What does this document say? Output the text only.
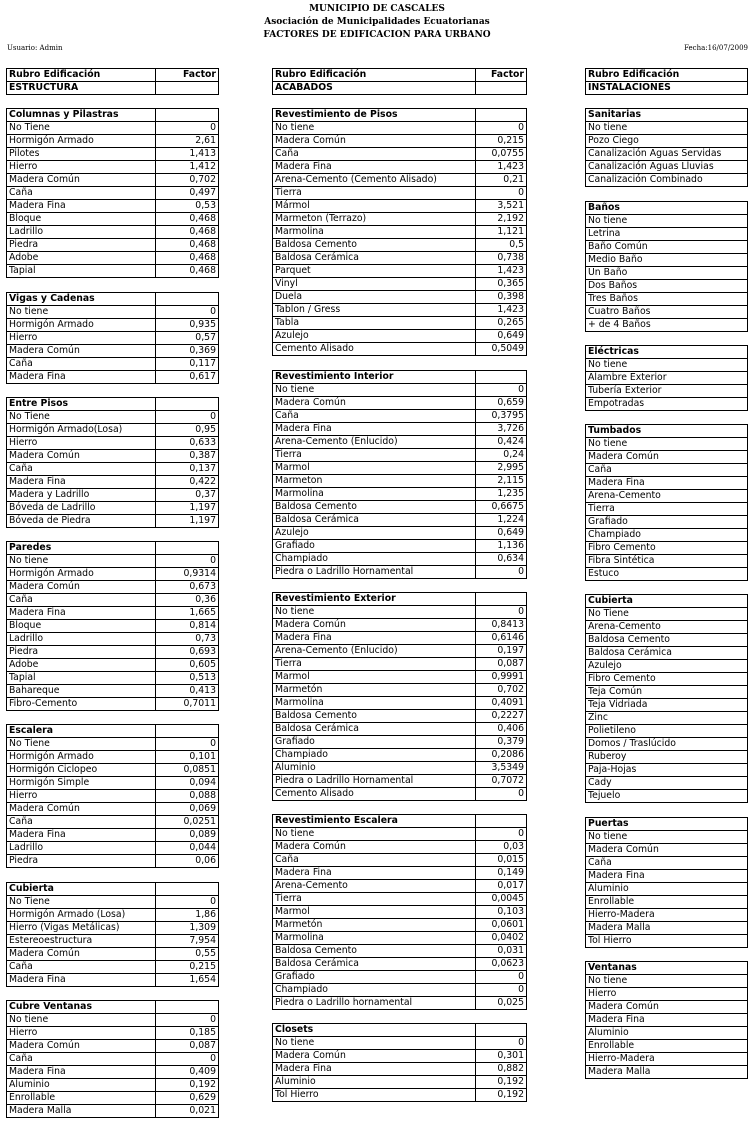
MUNICIPIO DE CASCALES
Asociación de Municipalidades Ecuatorianas
FACTORES DE EDIFICACION PARA URBANO
Usuario: Admin	Fecha:16/07/2009
Rubro Edificación	Factor
ESTRUCTURA	
Columnas y Pilastras	
No Tiene	0
Hormigón Armado	2,61
Pilotes	1,413
Hierro	1,412
Madera Común	0,702
Caña	0,497
Madera Fina	0,53
Bloque	0,468
Ladrillo	0,468
Piedra	0,468
Adobe	0,468
Tapial	0,468
Vigas y Cadenas	
No tiene	0
Hormigón Armado	0,935
Hierro	0,57
Madera Común	0,369
Caña	0,117
Madera Fina	0,617
Entre Pisos	
No Tiene	0
Hormigón Armado(Losa)	0,95
Hierro	0,633
Madera Común	0,387
Caña	0,137
Madera Fina	0,422
Madera y Ladrillo	0,37
Bóveda de Ladrillo	1,197
Bóveda de Piedra	1,197
Paredes	
No tiene	0
Hormigón Armado	0,9314
Madera Común	0,673
Caña	0,36
Madera Fina	1,665
Bloque	0,814
Ladrillo	0,73
Piedra	0,693
Adobe	0,605
Tapial	0,513
Bahareque	0,413
Fibro-Cemento	0,7011
Escalera	
No Tiene	0
Hormigón Armado	0,101
Hormigón Ciclopeo	0,0851
Hormigón Simple	0,094
Hierro	0,088
Madera Común	0,069
Caña	0,0251
Madera Fina	0,089
Ladrillo	0,044
Piedra	0,06
Cubierta	
No Tiene	0
Hormigón Armado (Losa)	1,86
Hierro (Vigas Metálicas)	1,309
Estereoestructura	7,954
Madera Común	0,55
Caña	0,215
Madera Fina	1,654
Cubre Ventanas	
No tiene	0
Hierro	0,185
Madera Común	0,087
Caña	0
Madera Fina	0,409
Aluminio	0,192
Enrollable	0,629
Madera Malla	0,021
Rubro Edificación	Factor
ACABADOS	
Revestimiento de Pisos	
No tiene	0
Madera Común	0,215
Caña	0,0755
Madera Fina	1,423
Arena-Cemento (Cemento Alisado)	0,21
Tierra	0
Mármol	3,521
Marmeton (Terrazo)	2,192
Marmolina	1,121
Baldosa Cemento	0,5
Baldosa Cerámica	0,738
Parquet	1,423
Vinyl	0,365
Duela	0,398
Tablon / Gress	1,423
Tabla	0,265
Azulejo	0,649
Cemento Alisado	0,5049
Revestimiento Interior	
No tiene	0
Madera Común	0,659
Caña	0,3795
Madera Fina	3,726
Arena-Cemento (Enlucido)	0,424
Tierra	0,24
Marmol	2,995
Marmeton	2,115
Marmolina	1,235
Baldosa Cemento	0,6675
Baldosa Cerámica	1,224
Azulejo	0,649
Grafiado	1,136
Champiado	0,634
Piedra o Ladrillo Hornamental	0
Revestimiento Exterior	
No tiene	0
Madera Común	0,8413
Madera Fina	0,6146
Arena-Cemento (Enlucido)	0,197
Tierra	0,087
Marmol	0,9991
Marmetón	0,702
Marmolina	0,4091
Baldosa Cemento	0,2227
Baldosa Cerámica	0,406
Grafiado	0,379
Champiado	0,2086
Aluminio	3,5349
Piedra o Ladrillo Hornamental	0,7072
Cemento Alisado	0
Revestimiento Escalera	
No tiene	0
Madera Común	0,03
Caña	0,015
Madera Fina	0,149
Arena-Cemento	0,017
Tierra	0,0045
Marmol	0,103
Marmetón	0,0601
Marmolina	0,0402
Baldosa Cemento	0,031
Baldosa Cerámica	0,0623
Grafiado	0
Champiado	0
Piedra o Ladrillo hornamental	0,025
Closets	
No tiene	0
Madera Común	0,301
Madera Fina	0,882
Aluminio	0,192
Tol Hierro	0,192
Rubro Edificación
INSTALACIONES
Sanitarias
No tiene
Pozo Ciego
Canalización Aguas Servidas
Canalización Aguas Lluvias
Canalización Combinado
Baños
No tiene
Letrina
Baño Común
Medio Baño
Un Baño
Dos Baños
Tres Baños
Cuatro Baños
+ de 4 Baños
Eléctricas
No tiene
Alambre Exterior
Tubería Exterior
Empotradas
Tumbados
No tiene
Madera Común
Caña
Madera Fina
Arena-Cemento
Tierra
Grafiado
Champiado
Fibro Cemento
Fibra Sintética
Estuco
Cubierta
No Tiene
Arena-Cemento
Baldosa Cemento
Baldosa Cerámica
Azulejo
Fibro Cemento
Teja Común
Teja Vidriada
Zinc
Polietileno
Domos / Traslúcido
Ruberoy
Paja-Hojas
Cady
Tejuelo
Puertas
No tiene
Madera Común
Caña
Madera Fina
Aluminio
Enrollable
Hierro-Madera
Madera Malla
Tol Hierro
Ventanas
No tiene
Hierro
Madera Común
Madera Fina
Aluminio
Enrollable
Hierro-Madera
Madera Malla
